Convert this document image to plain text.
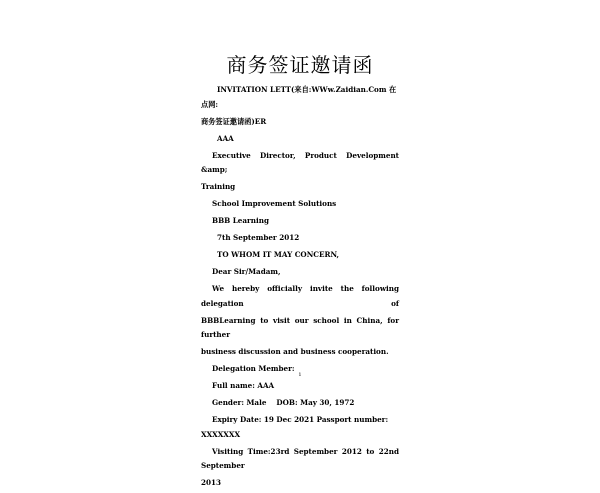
商务签证邀请函
INVITATION LETT(来自:WWw.Zaidian.Com 在点网:
商务签证邀请函)ER
AAA
Executive Director, Product Development &amp;
Training
School Improvement Solutions
BBB Learning
7th September 2012
TO WHOM IT MAY CONCERN,
Dear Sir/Madam,
We hereby officially invite the following delegation of
BBBLearning to visit our school in China, for further
business discussion and business cooperation.
Delegation Member:
Full name: AAA
Gender: Male    DOB: May 30, 1972
Expiry Date: 19 Dec 2021 Passport number: XXXXXXX
Visiting Time:23rd September 2012 to 22nd September
2013
1
